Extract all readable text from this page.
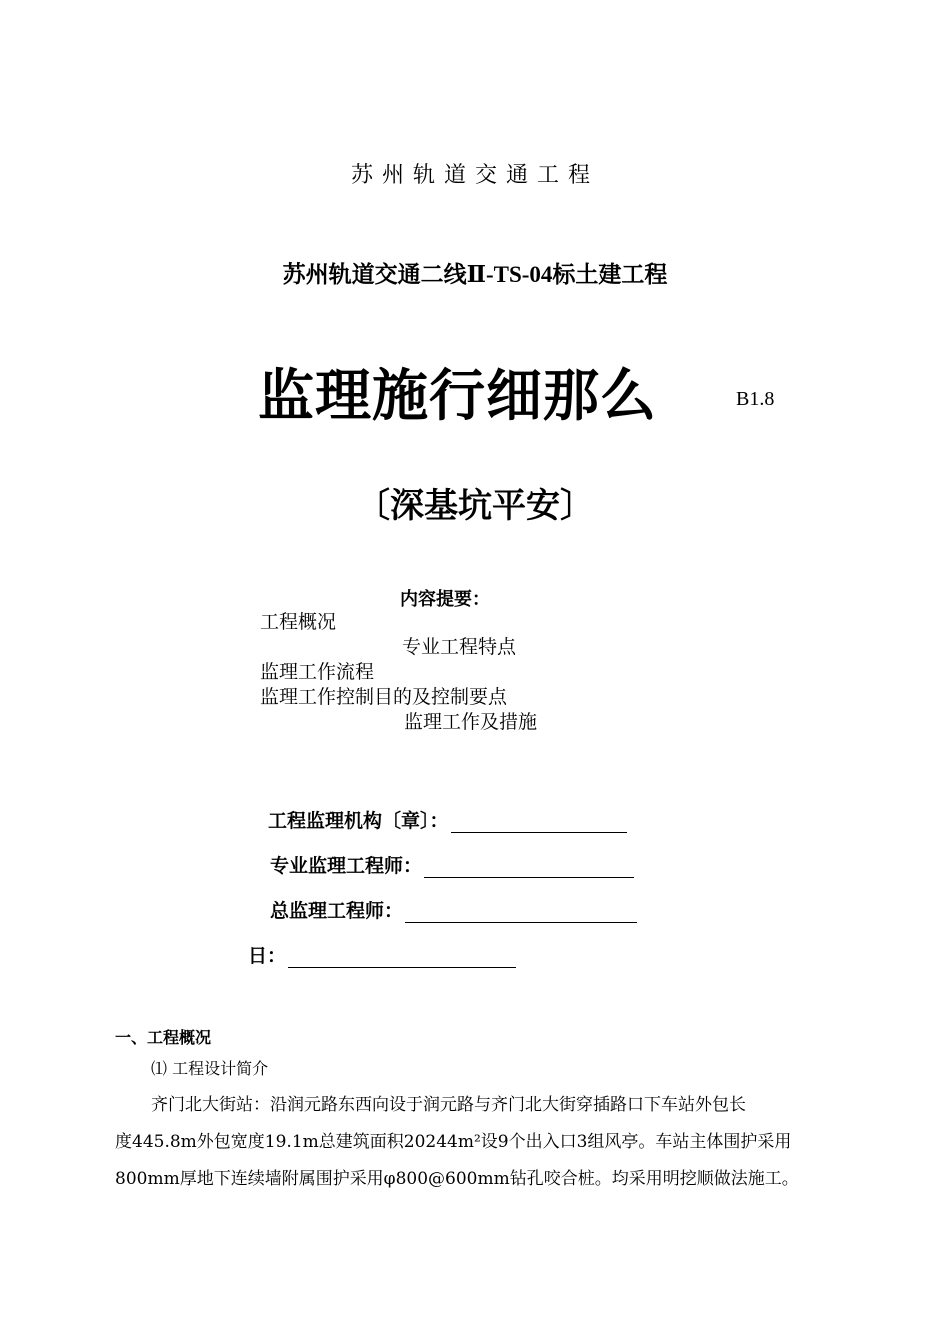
苏州轨道交通工程
苏州轨道交通二线Ⅱ-TS-04标土建工程
监理施行细那么	B1.8
〔深基坑平安〕
内容提要：
工程概况
专业工程特点
监理工作流程
监理工作控制目的及控制要点
监理工作及措施
工程监理机构〔章〕：
专业监理工程师：
总监理工程师：
日：
一、工程概况
⑴ 工程设计简介
齐门北大街站：沿润元路东西向设于润元路与齐门北大街穿插路口下车站外包长
度445.8m外包宽度19.1m总建筑面积20244m²设9个出入口3组风亭。车站主体围护采用
800mm厚地下连续墙附属围护采用φ800@600mm钻孔咬合桩。均采用明挖顺做法施工。
